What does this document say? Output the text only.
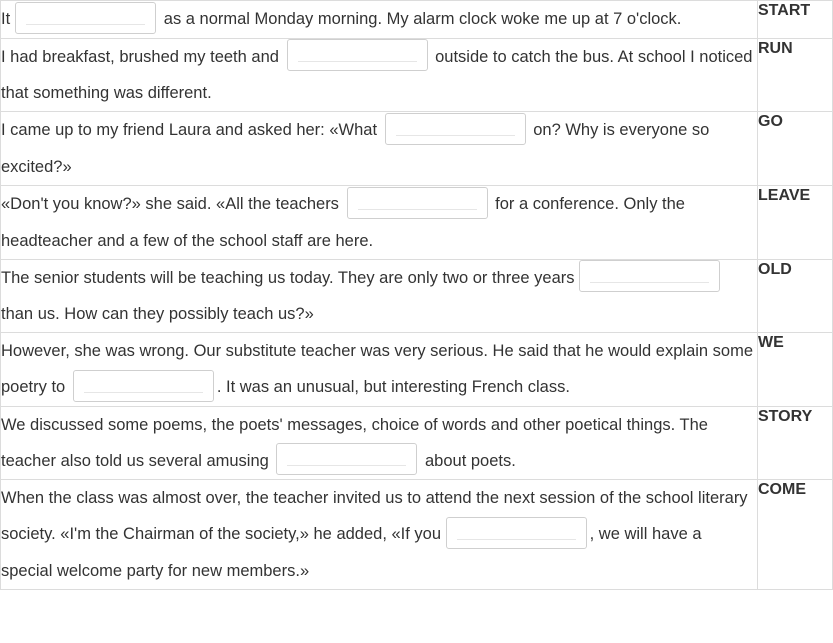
It as a normal Monday morning. My alarm clock woke me up at 7 o'clock.	START
I had breakfast, brushed my teeth and outside to catch the bus. At school I noticed that something was different.	RUN
I came up to my friend Laura and asked her: «What on? Why is everyone so excited?»	GO
«Don't you know?» she said. «All the teachers for a conference. Only the headteacher and a few of the school staff are here.	LEAVE
The senior students will be teaching us today. They are only two or three years  than us. How can they possibly teach us?»	OLD
However, she was wrong. Our substitute teacher was very serious. He said that he would explain some poetry to . It was an unusual, but interesting French class.	WE
We discussed some poems, the poets' messages, choice of words and other poetical things. The teacher also told us several amusing about poets.	STORY
When the class was almost over, the teacher invited us to attend the next session of the school literary society. «I'm the Chairman of the society,» he added, «If you , we will have a special welcome party for new members.»	COME
